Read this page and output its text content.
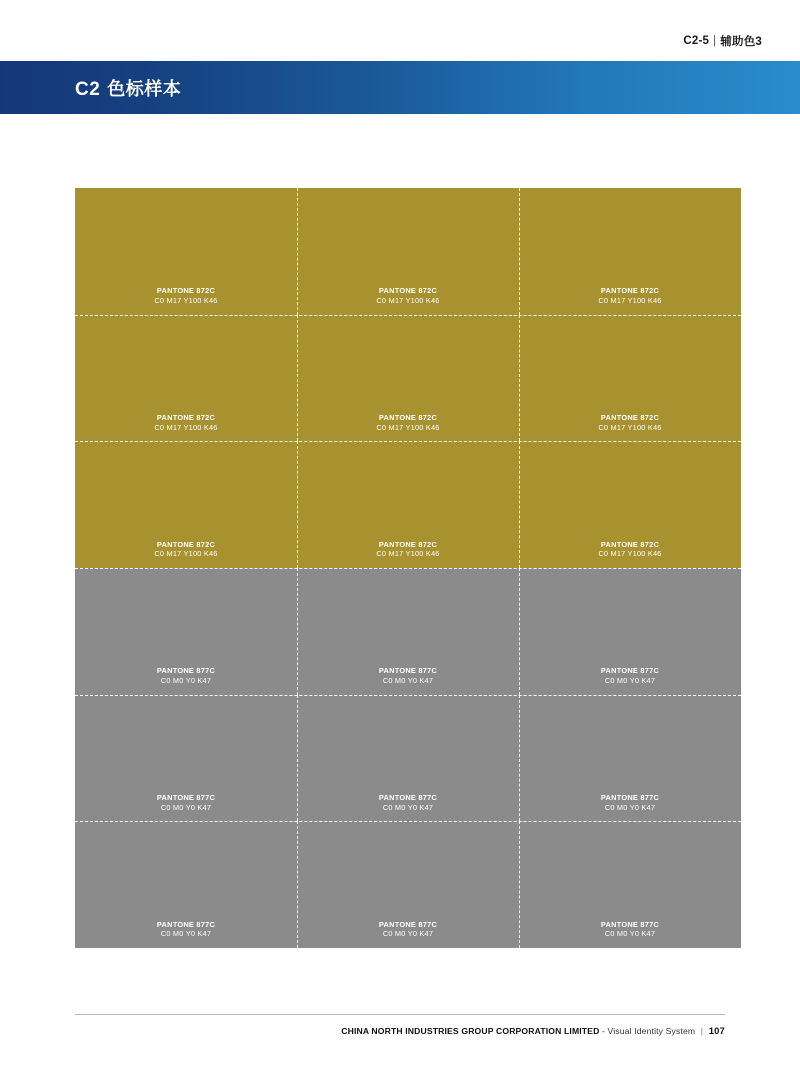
C2-5 | 辅助色3
C2 色标样本
PANTONE 872C
C0 M17 Y100 K46
PANTONE 872C
C0 M17 Y100 K46
PANTONE 872C
C0 M17 Y100 K46
PANTONE 872C
C0 M17 Y100 K46
PANTONE 872C
C0 M17 Y100 K46
PANTONE 872C
C0 M17 Y100 K46
PANTONE 872C
C0 M17 Y100 K46
PANTONE 872C
C0 M17 Y100 K46
PANTONE 872C
C0 M17 Y100 K46
PANTONE 877C
C0 M0 Y0 K47
PANTONE 877C
C0 M0 Y0 K47
PANTONE 877C
C0 M0 Y0 K47
PANTONE 877C
C0 M0 Y0 K47
PANTONE 877C
C0 M0 Y0 K47
PANTONE 877C
C0 M0 Y0 K47
PANTONE 877C
C0 M0 Y0 K47
PANTONE 877C
C0 M0 Y0 K47
PANTONE 877C
C0 M0 Y0 K47
CHINA NORTH INDUSTRIES GROUP CORPORATION LIMITED - Visual Identity System | 107
